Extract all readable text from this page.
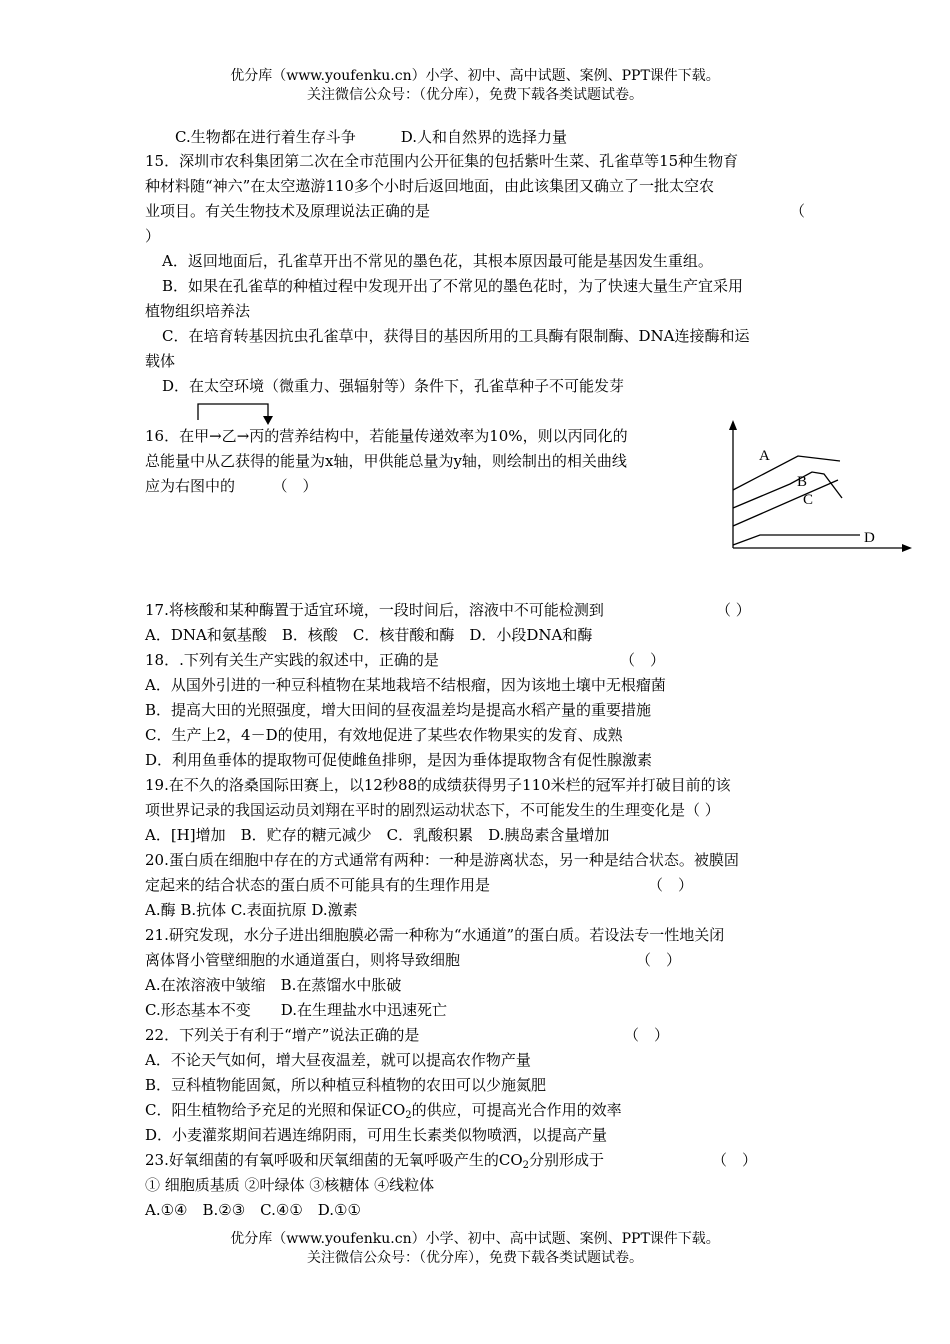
优分库（www.youfenku.cn）小学、初中、高中试题、案例、PPT课件下载。
关注微信公众号：（优分库），免费下载各类试题试卷。
C.生物都在进行着生存斗争　　　D.人和自然界的选择力量
15．深圳市农科集团第二次在全市范围内公开征集的包括紫叶生菜、孔雀草等15种生物育
种材料随“神六”在太空遨游110多个小时后返回地面，由此该集团又确立了一批太空农
业项目。有关生物技术及原理说法正确的是	（
）
A．返回地面后，孔雀草开出不常见的墨色花，其根本原因最可能是基因发生重组。
B．如果在孔雀草的种植过程中发现开出了不常见的墨色花时，为了快速大量生产宜采用
植物组织培养法
C．在培育转基因抗虫孔雀草中，获得目的基因所用的工具酶有限制酶、DNA连接酶和运
载体
D．在太空环境（微重力、强辐射等）条件下，孔雀草种子不可能发芽
16．在甲→乙→丙的营养结构中，若能量传递效率为10%，则以丙同化的
总能量中从乙获得的能量为x轴，甲供能总量为y轴，则绘制出的相关曲线
应为右图中的　　　（　）
A
B
C
D
17.将核酸和某种酶置于适宜环境，一段时间后，溶液中不可能检测到	（ ）
A．DNA和氨基酸　B．核酸　C．核苷酸和酶　D．小段DNA和酶
18．.下列有关生产实践的叙述中，正确的是	（　）
A．从国外引进的一种豆科植物在某地栽培不结根瘤，因为该地土壤中无根瘤菌
B．提高大田的光照强度，增大田间的昼夜温差均是提高水稻产量的重要措施
C．生产上2，4－D的使用，有效地促进了某些农作物果实的发育、成熟
D．利用鱼垂体的提取物可促使雌鱼排卵，是因为垂体提取物含有促性腺激素
19.在不久的洛桑国际田赛上，以12秒88的成绩获得男子110米栏的冠军并打破目前的该
项世界记录的我国运动员刘翔在平时的剧烈运动状态下，不可能发生的生理变化是（ ）
A．[H]增加　B．贮存的糖元减少　C．乳酸积累　D.胰岛素含量增加
20.蛋白质在细胞中存在的方式通常有两种：一种是游离状态，另一种是结合状态。被膜固
定起来的结合状态的蛋白质不可能具有的生理作用是	（　）
A.酶 B.抗体 C.表面抗原 D.激素
21.研究发现，水分子进出细胞膜必需一种称为“水通道”的蛋白质。若设法专一性地关闭
离体肾小管壁细胞的水通道蛋白，则将导致细胞	（　）
A.在浓溶液中皱缩　B.在蒸馏水中胀破
C.形态基本不变　　D.在生理盐水中迅速死亡
22．下列关于有利于“增产”说法正确的是	（　）
A．不论天气如何，增大昼夜温差，就可以提高农作物产量
B．豆科植物能固氮，所以种植豆科植物的农田可以少施氮肥
C．阳生植物给予充足的光照和保证$CO_2$的供应，可提高光合作用的效率
D．小麦灌浆期间若遇连绵阴雨，可用生长素类似物喷洒，以提高产量
23.好氧细菌的有氧呼吸和厌氧细菌的无氧呼吸产生的$CO_2$分别形成于	（　）
① 细胞质基质 ②叶绿体 ③核糖体 ④线粒体
A.①④　B.②③　C.④①　D.①①
优分库（www.youfenku.cn）小学、初中、高中试题、案例、PPT课件下载。
关注微信公众号：（优分库），免费下载各类试题试卷。
